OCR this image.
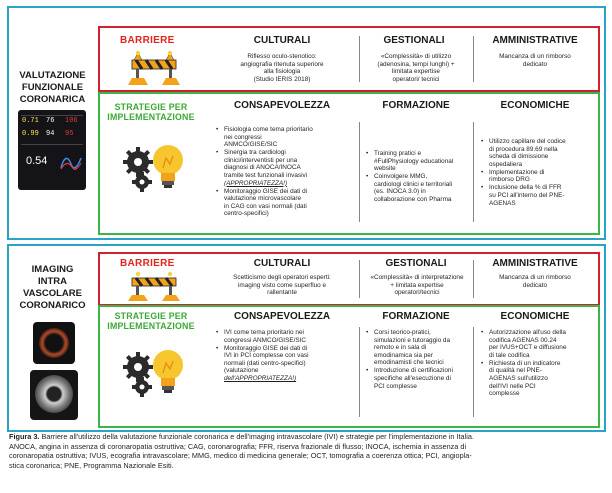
VALUTAZIONE
FUNZIONALE
CORONARICA
0.71 76 106
0.99 94 95
0.54
BARRIERE	CULTURALI
Riflesso oculo-stenotico:
angiografia ritenuta superiore
alla fisiologia
(Studio IERIS 2018)
GESTIONALI
«Complessità» di utilizzo
(adenosina, tempi lunghi) +
limitata expertise
operatori/ tecnici
AMMINISTRATIVE
Mancanza di un rimborso
dedicato
STRATEGIE PER
IMPLEMENTAZIONE
CONSAPEVOLEZZA
• Fisiologia come tema prioritario
nei congressi
ANMCO/GISE/SIC
• Sinergia tra cardiologi
clinici/interventisti per una
diagnosi di ANOCA/INOCA
tramite test funzionali invasivi
(APPROPRIATEZZA!)
• Monitoraggio GISE dei dati di
valutazione microvascolare
in CAG con vasi normali (dati
centro-specifici)
FORMAZIONE
• Training pratici e
#FullPhysiology educational
website
• Coinvolgere MMG,
cardiologi clinici e territoriali
(es. INOCA 3.0) in
collaborazione con Pharma
ECONOMICHE
• Utilizzo capillare del codice
di procedura 89.69 nella
scheda di dimissione
ospedaliera
• Implementazione di
rimborso DRG
• Inclusione della % di FFR
su PCI all'interno del PNE-
AGENAS
IMAGING
INTRA
VASCOLARE
CORONARICO
BARRIERE	CULTURALI
Scetticismo degli operatori esperti:
imaging visto come superfluo e
rallentante
GESTIONALI
«Complessità» di interpretazione
+ limitata expertise
operatori/tecnici
AMMINISTRATIVE
Mancanza di un rimborso
dedicato
STRATEGIE PER
IMPLEMENTAZIONE
CONSAPEVOLEZZA
• IVI come tema prioritario nei
congressi ANMCO/GISE/SIC
• Monitoraggio GISE dei dati di
IVI in PCI complesse con vasi
normali (dati centro-specifici)
(valutazione
dell'APPROPRIATEZZA!)
FORMAZIONE
• Corsi teorico-pratici,
simulazioni e tutoraggio da
remoto e in sala di
emodinamica sia per
emodinamisti che tecnici
• Introduzione di certificazioni
specifiche all'esecuzione di
PCI complesse
ECONOMICHE
• Autorizzazione all'uso della
codifica AGENAS 00.24
per IVUS+OCT e diffusione
di tale codifica
• Richiesta di un indicatore
di qualità nel PNE-
AGENAS sull'utilizzo
dell'IVI nelle PCI
complesse
Figura 3. Barriere all'utilizzo della valutazione funzionale coronarica e dell'imaging intravascolare (IVI) e strategie per l'implementazione in Italia.
ANOCA, angina in assenza di coronaropatia ostruttiva; CAG, coronarografia; FFR, riserva frazionale di flusso; INOCA, ischemia in assenza di
coronaropatia ostruttiva; IVUS, ecografia intravascolare; MMG, medico di medicina generale; OCT, tomografia a coerenza ottica; PCI, angiopla-
stica coronarica; PNE, Programma Nazionale Esiti.
